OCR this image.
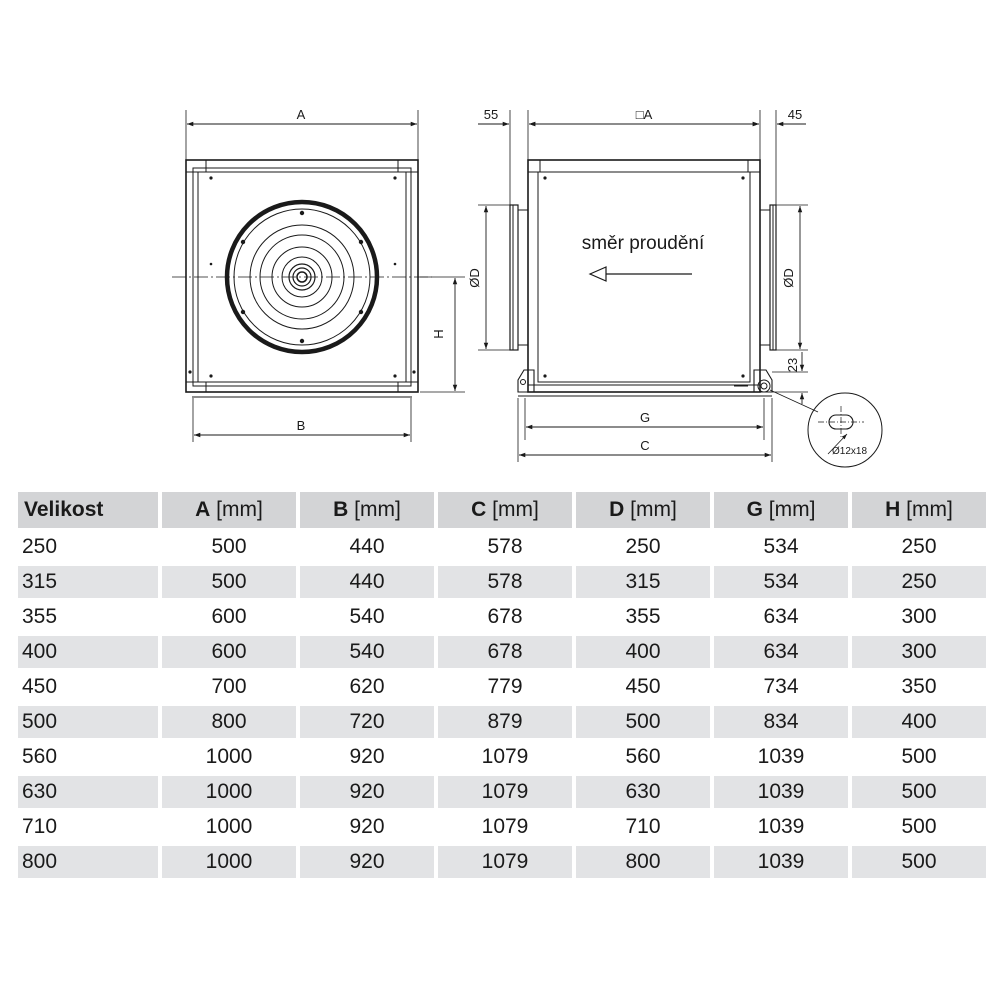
A
B
H
55	□A	45
ØD	ØD
23
G
C
směr proudění
Ø12x18
Velikost	A [mm]	B [mm]	C [mm]	D [mm]	G [mm]	H [mm]
250	500	440	578	250	534	250
315	500	440	578	315	534	250
355	600	540	678	355	634	300
400	600	540	678	400	634	300
450	700	620	779	450	734	350
500	800	720	879	500	834	400
560	1000	920	1079	560	1039	500
630	1000	920	1079	630	1039	500
710	1000	920	1079	710	1039	500
800	1000	920	1079	800	1039	500
